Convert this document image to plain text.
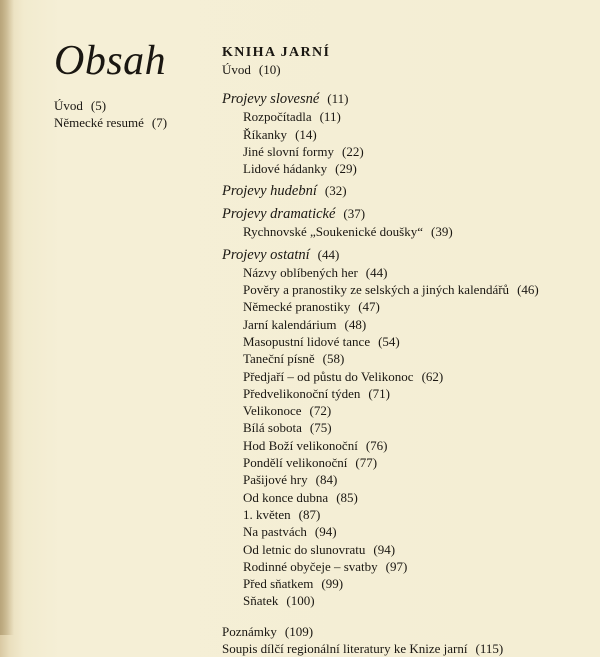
Obsah
Úvod (5)
Německé resumé (7)
KNIHA JARNÍ
Úvod (10)
Projevy slovesné (11)
Rozpočítadla (11)
Říkanky (14)
Jiné slovní formy (22)
Lidové hádanky (29)
Projevy hudební (32)
Projevy dramatické (37)
Rychnovské „Soukenické doušky“ (39)
Projevy ostatní (44)
Názvy oblíbených her (44)
Pověry a pranostiky ze selských a jiných kalendářů (46)
Německé pranostiky (47)
Jarní kalendárium (48)
Masopustní lidové tance (54)
Taneční písně (58)
Předjaří – od půstu do Velikonoc (62)
Předvelikonoční týden (71)
Velikonoce (72)
Bílá sobota (75)
Hod Boží velikonoční (76)
Pondělí velikonoční (77)
Pašijové hry (84)
Od konce dubna (85)
1. květen (87)
Na pastvách (94)
Od letnic do slunovratu (94)
Rodinné obyčeje – svatby (97)
Před sňatkem (99)
Sňatek (100)
Poznámky (109)
Soupis dílčí regionální literatury ke Knize jarní (115)
